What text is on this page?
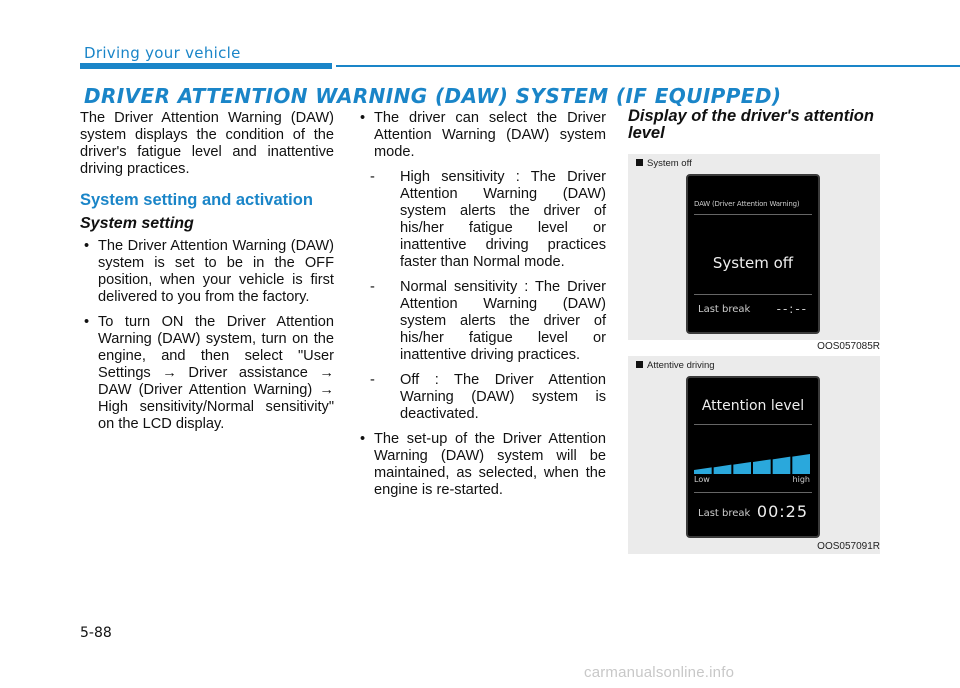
Driving your vehicle
DRIVER ATTENTION WARNING (DAW) SYSTEM (IF EQUIPPED)

The Driver Attention Warning (DAW) system displays the condition of the driver's fatigue level and inattentive driving practices.

System setting and activation
System setting
• The Driver Attention Warning (DAW) system is set to be in the OFF position, when your vehicle is first delivered to you from the factory.
• To turn ON the Driver Attention Warning (DAW) system, turn on the engine, and then select "User Settings → Driver assistance → DAW (Driver Attention Warning) → High sensitivity/Normal sensitivity" on the LCD display.
• The driver can select the Driver Attention Warning (DAW) system mode.
- High sensitivity : The Driver Attention Warning (DAW) system alerts the driver of his/her fatigue level or inattentive driving practices faster than Normal mode.
- Normal sensitivity : The Driver Attention Warning (DAW) system alerts the driver of his/her fatigue level or inattentive driving practices.
- Off : The Driver Attention Warning (DAW) system is deactivated.
• The set-up of the Driver Attention Warning (DAW) system will be maintained, as selected, when the engine is re-started.
Display of the driver's attention level
System off
DAW (Driver Attention Warning)
System off
Last break --:--
OOS057085R
Attentive driving
Attention level
Low	high
Last break 00:25
OOS057091R
5-88
carmanualsonline.info
